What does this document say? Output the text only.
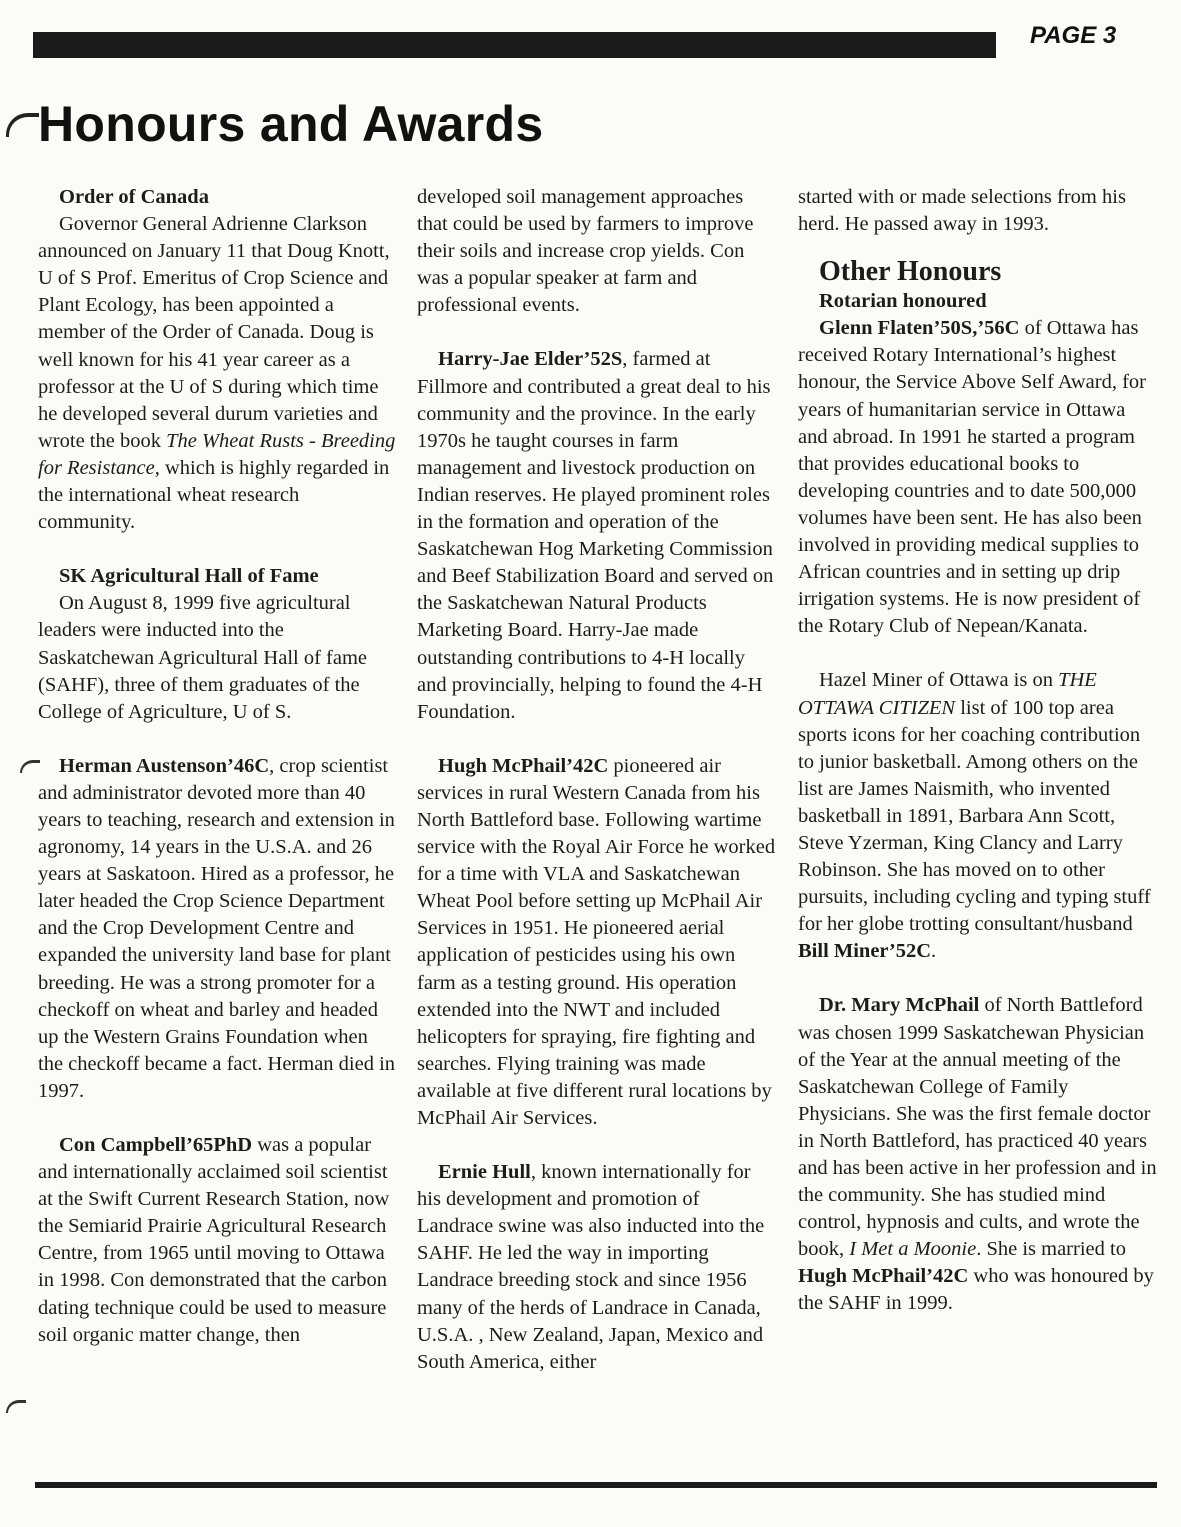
PAGE 3
Honours and Awards
Order of Canada

Governor General Adrienne Clarkson announced on January 11 that Doug Knott, U of S Prof. Emeritus of Crop Science and Plant Ecology, has been appointed a member of the Order of Canada. Doug is well known for his 41 year career as a professor at the U of S during which time he developed several durum varieties and wrote the book The Wheat Rusts - Breeding for Resistance, which is highly regarded in the international wheat research community.

SK Agricultural Hall of Fame

On August 8, 1999 five agricultural leaders were inducted into the Saskatchewan Agricultural Hall of fame (SAHF), three of them graduates of the College of Agriculture, U of S.

Herman Austenson’46C, crop scientist and administrator devoted more than 40 years to teaching, research and extension in agronomy, 14 years in the U.S.A. and 26 years at Saskatoon. Hired as a professor, he later headed the Crop Science Department and the Crop Development Centre and expanded the university land base for plant breeding. He was a strong promoter for a checkoff on wheat and barley and headed up the Western Grains Foundation when the checkoff became a fact. Herman died in 1997.

Con Campbell’65PhD was a popular and internationally acclaimed soil scientist at the Swift Current Research Station, now the Semiarid Prairie Agricultural Research Centre, from 1965 until moving to Ottawa in 1998. Con demonstrated that the carbon dating technique could be used to measure soil organic matter change, then

developed soil management approaches that could be used by farmers to improve their soils and increase crop yields. Con was a popular speaker at farm and professional events.

Harry-Jae Elder’52S, farmed at Fillmore and contributed a great deal to his community and the province. In the early 1970s he taught courses in farm management and livestock production on Indian reserves. He played prominent roles in the formation and operation of the Saskatchewan Hog Marketing Commission and Beef Stabilization Board and served on the Saskatchewan Natural Products Marketing Board. Harry-Jae made outstanding contributions to 4-H locally and provincially, helping to found the 4-H Foundation.

Hugh McPhail’42C pioneered air services in rural Western Canada from his North Battleford base. Following wartime service with the Royal Air Force he worked for a time with VLA and Saskatchewan Wheat Pool before setting up McPhail Air Services in 1951. He pioneered aerial application of pesticides using his own farm as a testing ground. His operation extended into the NWT and included helicopters for spraying, fire fighting and searches. Flying training was made available at five different rural locations by McPhail Air Services.

Ernie Hull, known internationally for his development and promotion of Landrace swine was also inducted into the SAHF. He led the way in importing Landrace breeding stock and since 1956 many of the herds of Landrace in Canada, U.S.A. , New Zealand, Japan, Mexico and South America, either

started with or made selections from his herd. He passed away in 1993.

Other Honours
Rotarian honoured

Glenn Flaten’50S,’56C of Ottawa has received Rotary International’s highest honour, the Service Above Self Award, for years of humanitarian service in Ottawa and abroad. In 1991 he started a program that provides educational books to developing countries and to date 500,000 volumes have been sent. He has also been involved in providing medical supplies to African countries and in setting up drip irrigation systems. He is now president of the Rotary Club of Nepean/Kanata.

Hazel Miner of Ottawa is on THE OTTAWA CITIZEN list of 100 top area sports icons for her coaching contribution to junior basketball. Among others on the list are James Naismith, who invented basketball in 1891, Barbara Ann Scott, Steve Yzerman, King Clancy and Larry Robinson. She has moved on to other pursuits, including cycling and typing stuff for her globe trotting consultant/husband Bill Miner’52C.

Dr. Mary McPhail of North Battleford was chosen 1999 Saskatchewan Physician of the Year at the annual meeting of the Saskatchewan College of Family Physicians. She was the first female doctor in North Battleford, has practiced 40 years and has been active in her profession and in the community. She has studied mind control, hypnosis and cults, and wrote the book, I Met a Moonie. She is married to Hugh McPhail’42C who was honoured by the SAHF in 1999.
